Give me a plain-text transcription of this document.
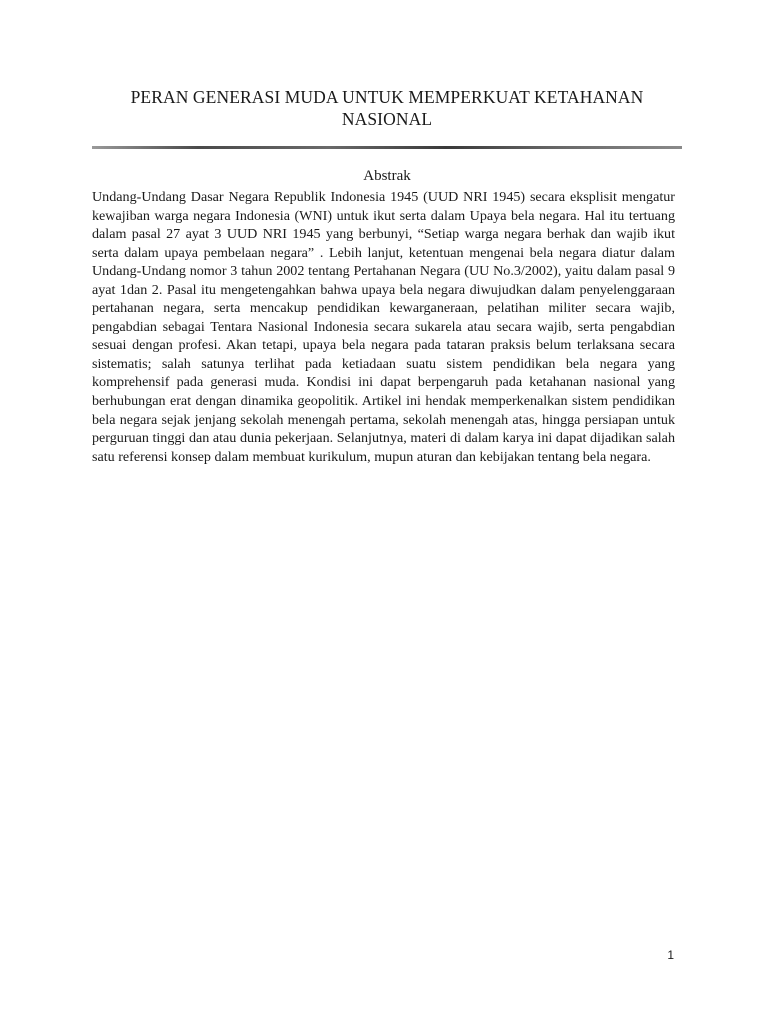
PERAN GENERASI MUDA UNTUK MEMPERKUAT KETAHANAN NASIONAL
Abstrak

Undang-Undang Dasar Negara Republik Indonesia 1945 (UUD NRI 1945) secara eksplisit mengatur kewajiban warga negara Indonesia (WNI) untuk ikut serta dalam Upaya bela negara. Hal itu tertuang dalam pasal 27 ayat 3 UUD NRI 1945 yang berbunyi, “Setiap warga negara berhak dan wajib ikut serta dalam upaya pembelaan negara” . Lebih lanjut, ketentuan mengenai bela negara diatur dalam Undang-Undang nomor 3 tahun 2002 tentang Pertahanan Negara (UU No.3/2002), yaitu dalam pasal 9 ayat 1dan 2. Pasal itu mengetengahkan bahwa upaya bela negara diwujudkan dalam penyelenggaraan pertahanan negara, serta mencakup pendidikan kewarganeraan, pelatihan militer secara wajib, pengabdian sebagai Tentara Nasional Indonesia secara sukarela atau secara wajib, serta pengabdian sesuai dengan profesi. Akan tetapi, upaya bela negara pada tataran praksis belum terlaksana secara sistematis; salah satunya terlihat pada ketiadaan suatu sistem pendidikan bela negara yang komprehensif pada generasi muda. Kondisi ini dapat berpengaruh pada ketahanan nasional yang berhubungan erat dengan dinamika geopolitik. Artikel ini hendak memperkenalkan sistem pendidikan bela negara sejak jenjang sekolah menengah pertama, sekolah menengah atas, hingga persiapan untuk perguruan tinggi dan atau dunia pekerjaan. Selanjutnya, materi di dalam karya ini dapat dijadikan salah satu referensi konsep dalam membuat kurikulum, mupun aturan dan kebijakan tentang bela negara.

1
